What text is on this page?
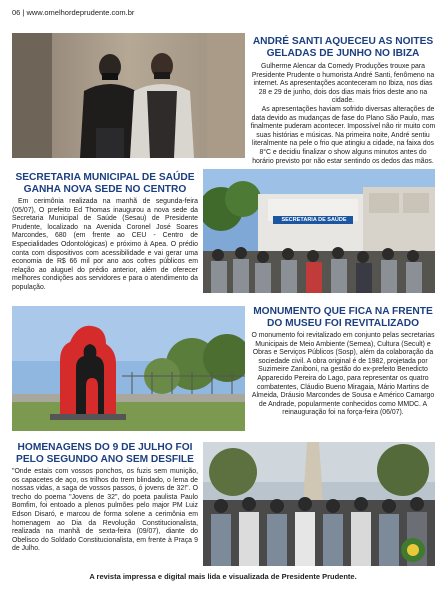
06 | www.omelhordeprudente.com.br
ANDRÉ SANTI AQUECEU AS NOITES GELADAS DE JUNHO NO IBIZA

Gulherme Alencar da Comedy Produções trouxe para Presidente Prudente o humorista André Santi, fenômeno na internet. As apresentações aconteceram no Ibiza, nos dias 28 e 29 de junho, dois dos dias mais frios deste ano na cidade.

As apresentações haviam sofrido diversas alterações de data devido as mudanças de fase do Plano São Paulo, mas finalmente puderam acontecer. Impossível não rir muito com suas histórias e músicas. Na primeira noite, André sentiu literalmente na pele o frio que atingiu a cidade, na faixa dos 8°C e decidiu finalizar o show alguns minutos antes do horário previsto por não estar sentindo os dedos das mãos.

SECRETARIA MUNICIPAL DE SAÚDE GANHA NOVA SEDE NO CENTRO

Em cerimônia realizada na manhã de segunda-feira (05/07), O prefeito Ed Thomas inaugurou a nova sede da Secretaria Municipal de Saúde (Sesau) de Presidente Prudente, localizado na Avenida Coronel José Soares Marcondes, 680 (em frente ao CEU - Centro de Especialidades Odontológicas) e próximo à Apea. O prédio conta com dispositivos com acessibilidade e vai gerar uma economia de R$ 66 mil por ano aos cofres públicos em relação ao aluguel do prédio anterior, além de oferecer melhores condições aos servidores e para o atendimento da população.

SECRETARIA DE SAÚDE
MONUMENTO QUE FICA NA FRENTE DO MUSEU FOI REVITALIZADO

O monumento foi revitalizado em conjunto pelas secretarias Municipais de Meio Ambiente (Semea), Cultura (Secult) e Obras e Serviços Públicos (Sosp), além da colaboração da sociedade civil. A obra original é de 1982, projetada por Suzimeire Zaniboni, na gestão do ex-prefeito Benedicto Apparecido Pereira do Lago, para representar os quatro combatentes, Cláudio Bueno Miragaia, Mário Martins de Almeida, Dráusio Marcondes de Sousa e Américo Camargo de Andrade, popularmente conhecidos como MMDC. A reinauguração foi na força-feira (06/07).

HOMENAGENS DO 9 DE JULHO FOI PELO SEGUNDO ANO SEM DESFILE

"Onde estais com vossos ponchos, os fuzis sem munição, os capacetes de aço, os trilhos do trem blindado, o lema de nossas vidas, a saga de vossos passos, ó jovens de 32!". O trecho do poema "Jovens de 32", do poeta paulista Paulo Bomfim, foi entoado a plenos pulmões pelo major PM Luiz Edson Disaró, e marcou de forma solene a cerimônia em homenagem ao Dia da Revolução Constitucionalista, realizada na manhã de sexta-feira (09/07), diante do Obelisco do Soldado Constitucionalista, em frente à Praça 9 de Julho.

A revista impressa e digital mais lida e visualizada de Presidente Prudente.
